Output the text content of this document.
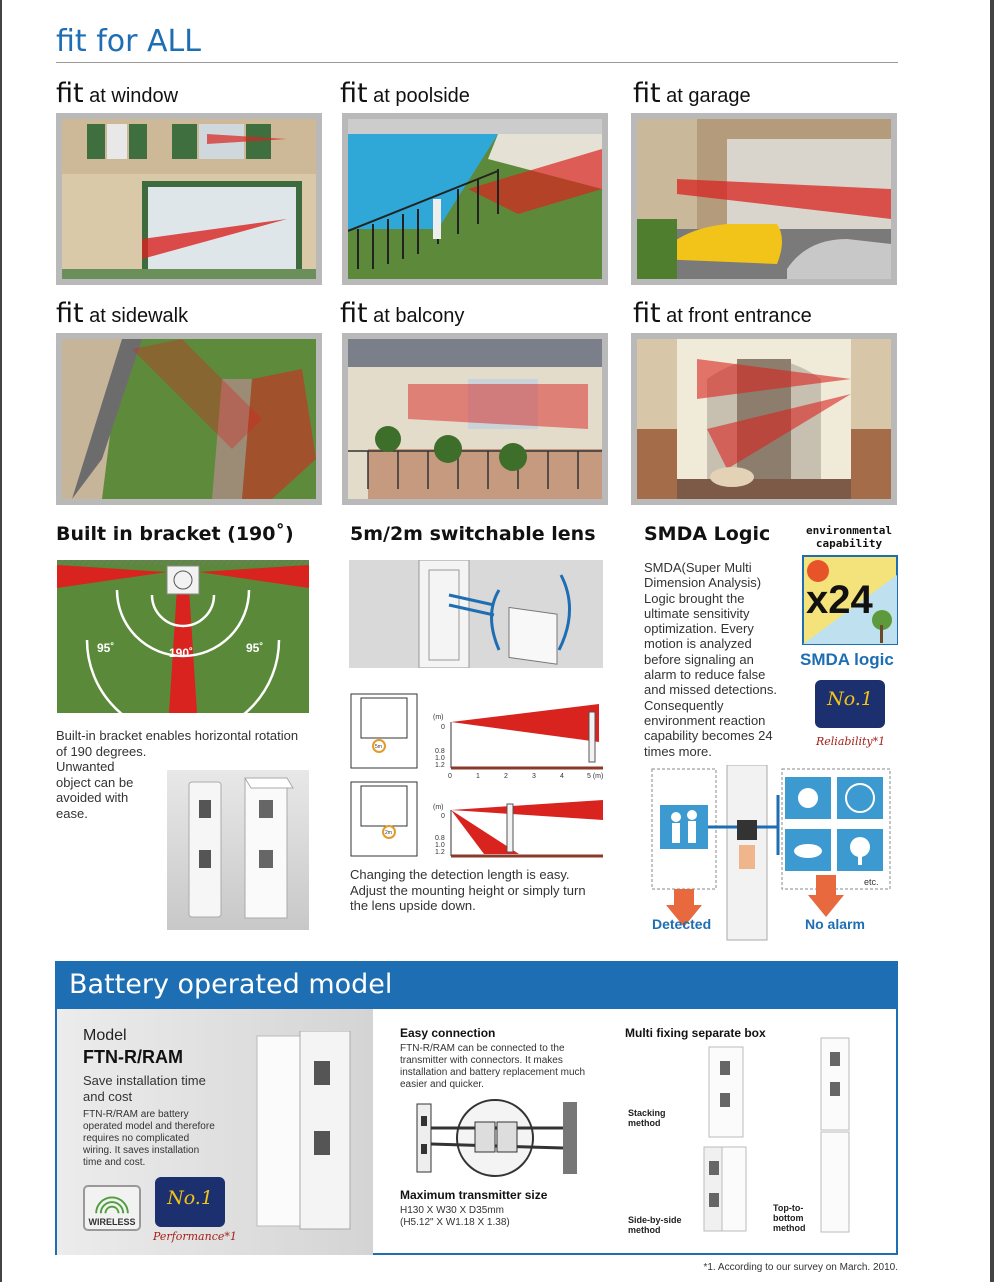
fit for ALL
fit at window	fit at poolside	fit at garage
fit at sidewalk	fit at balcony	fit at front entrance
Built in bracket (190˚)
95˚	190˚	95˚
Built-in bracket enables horizontal rotation
of 190 degrees.
Unwanted
object can be
avoided with
ease.
5m/2m switchable lens
5m
2m
(m)
0
0.8
1.0
1.2
0	1	2	3	4	5 (m)
(m)
0
0.8
1.0
1.2
Changing the detection length is easy.
Adjust the mounting height or simply turn
the lens upside down.
SMDA Logic	environmental
capability
x24
SMDA logic
No.1
Reliability*1
SMDA(Super Multi
Dimension Analysis)
Logic brought the
ultimate sensitivity
optimization. Every
motion is analyzed
before signaling an
alarm to reduce false
and missed detections.
Consequently
environment reaction
capability becomes 24
times more.
etc.
Detected	No alarm
Battery operated model
Model
FTN-R/RAM
Save installation time
and cost
FTN-R/RAM are battery
operated model and therefore
requires no complicated
wiring. It saves installation
time and cost.
WIRELESS
No.1
Performance*1
Easy connection
FTN-R/RAM can be connected to the
transmitter with connectors. It makes
installation and battery replacement much
easier and quicker.
Maximum transmitter size
H130 X W30 X D35mm
(H5.12" X W1.18 X 1.38)
Multi fixing separate box
Stacking
method
Side-by-side
method
Top-to-
bottom
method
*1. According to our survey on March. 2010.
